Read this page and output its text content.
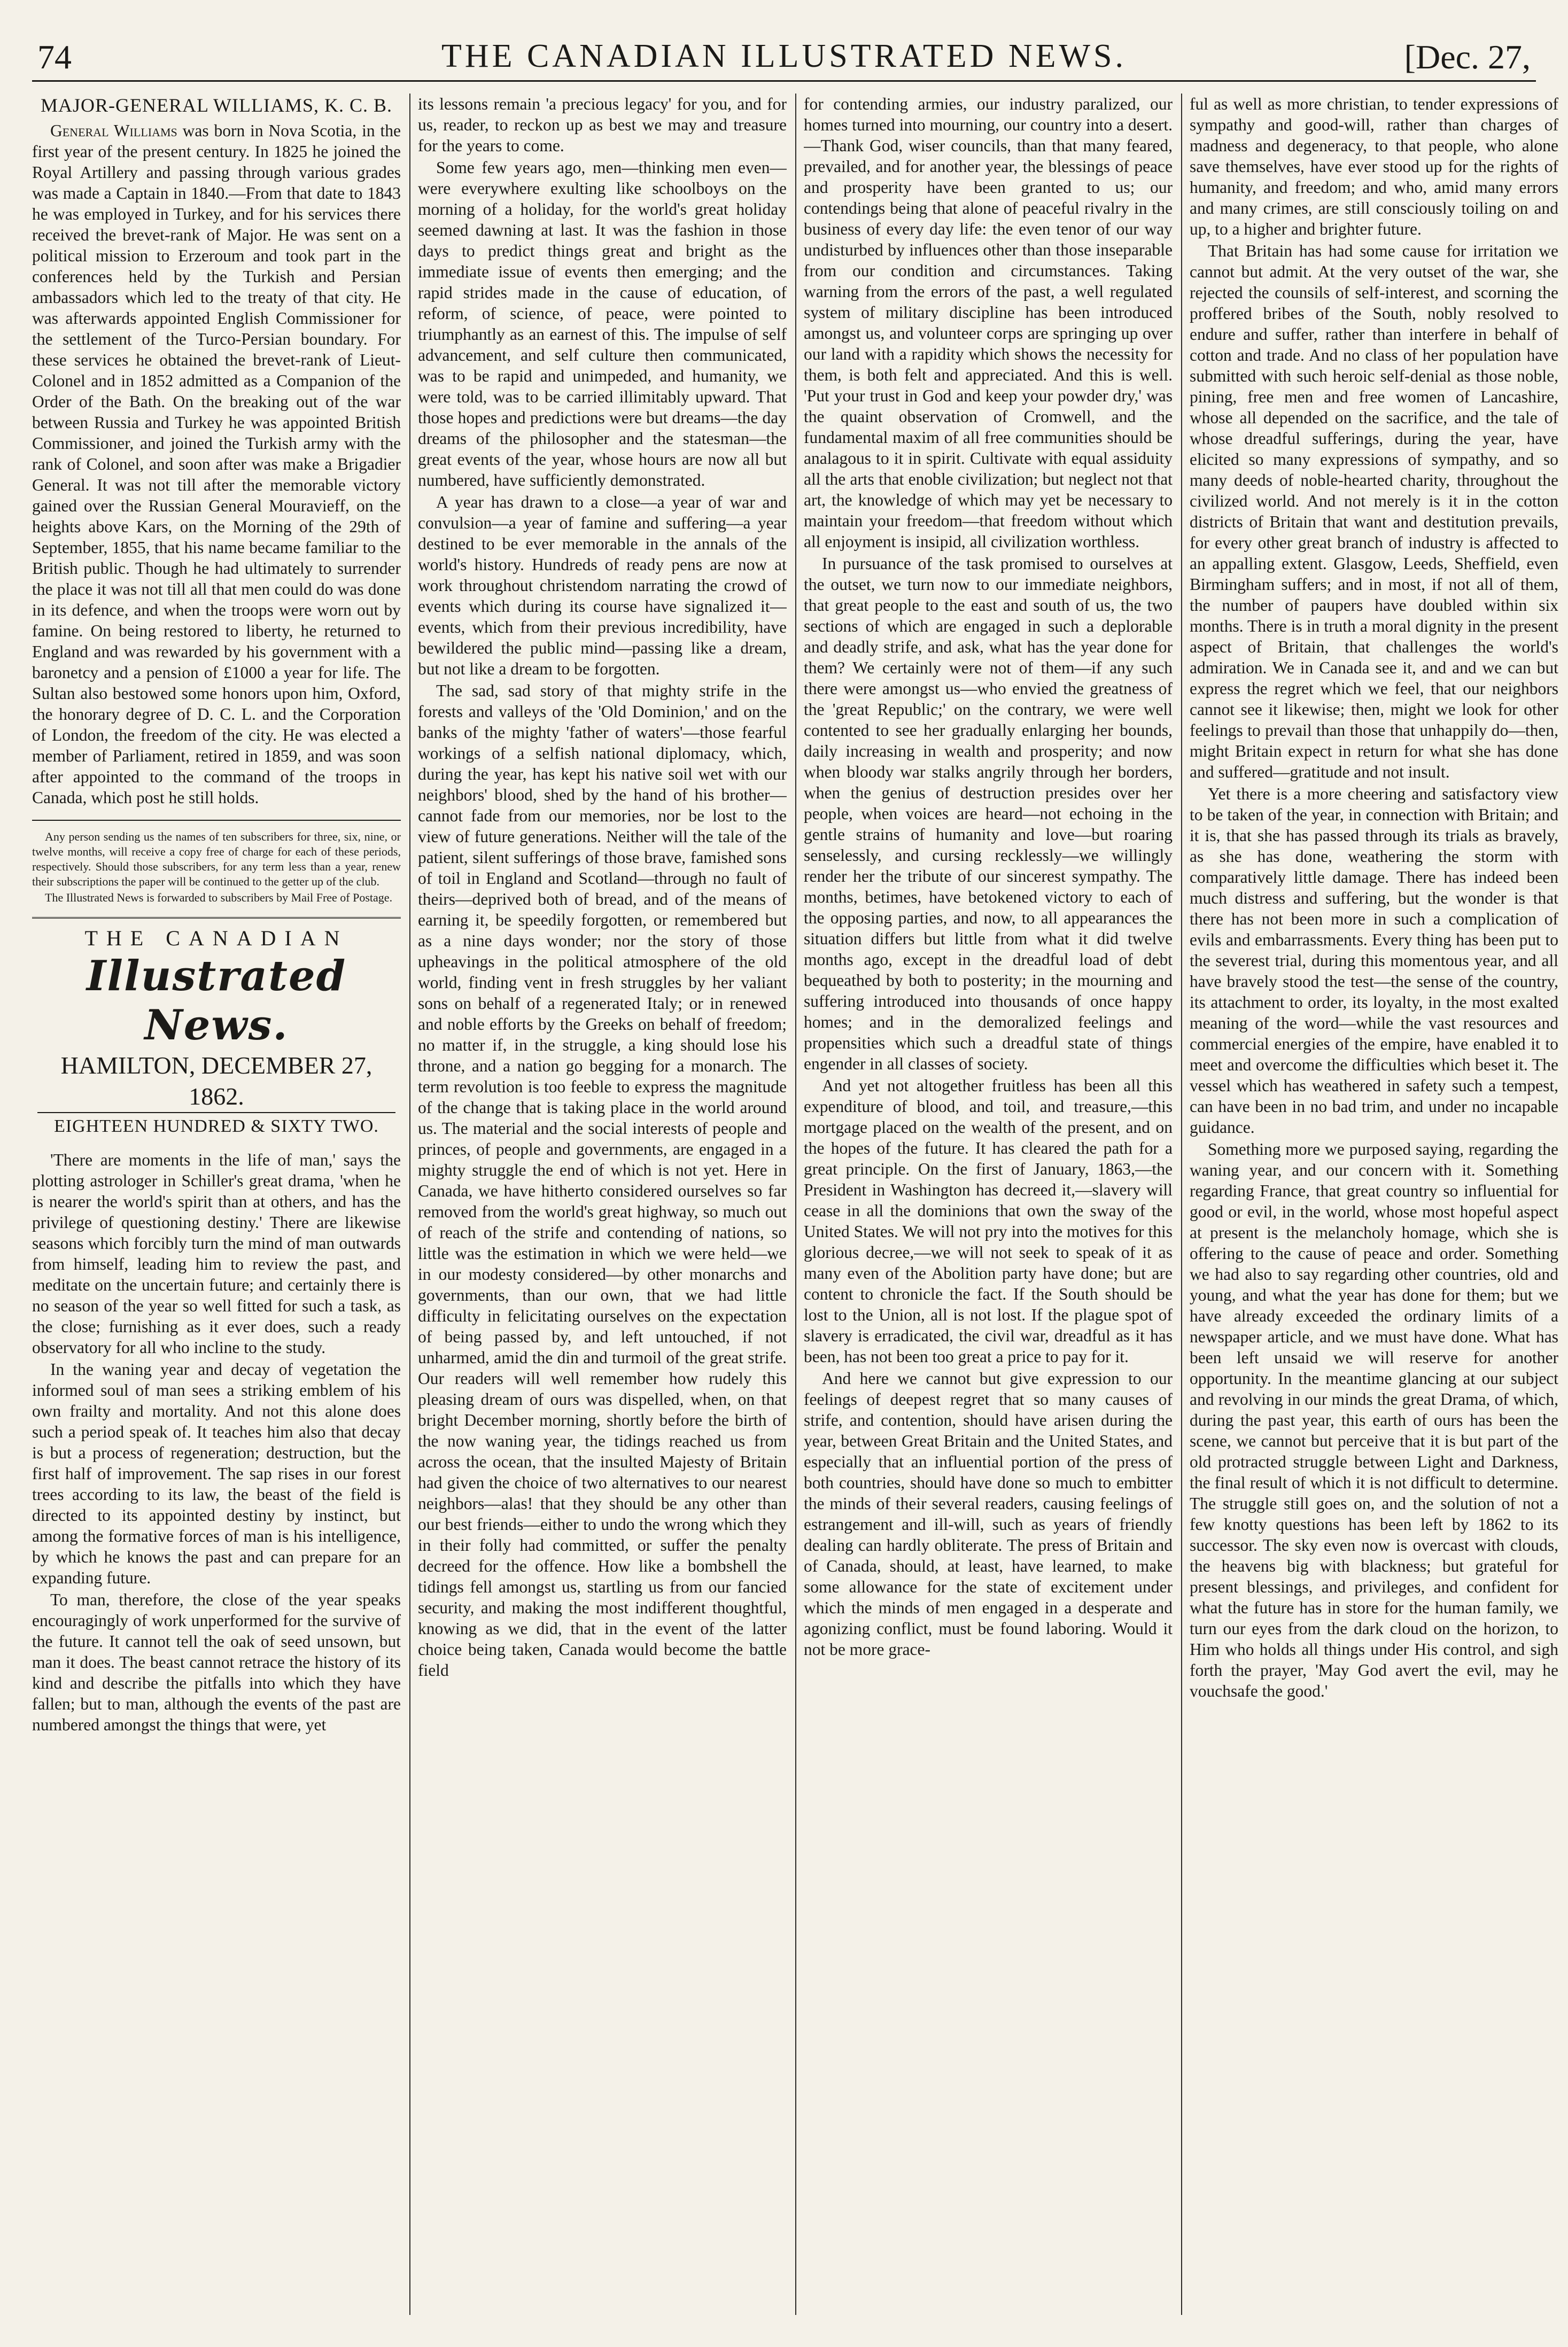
74	THE CANADIAN ILLUSTRATED NEWS.	[Dec. 27,
MAJOR-GENERAL WILLIAMS, K. C. B.

General Williams was born in Nova Scotia, in the first year of the present century. In 1825 he joined the Royal Artillery and passing through various grades was made a Captain in 1840.—From that date to 1843 he was employed in Turkey, and for his services there received the brevet-rank of Major. He was sent on a political mission to Erzeroum and took part in the conferences held by the Turkish and Persian ambassadors which led to the treaty of that city. He was afterwards appointed English Commissioner for the settlement of the Turco-Persian boundary. For these services he obtained the brevet-rank of Lieut-Colonel and in 1852 admitted as a Companion of the Order of the Bath. On the breaking out of the war between Russia and Turkey he was appointed British Commissioner, and joined the Turkish army with the rank of Colonel, and soon after was make a Brigadier General. It was not till after the memorable victory gained over the Russian General Mouravieff, on the heights above Kars, on the Morning of the 29th of September, 1855, that his name became familiar to the British public. Though he had ultimately to surrender the place it was not till all that men could do was done in its defence, and when the troops were worn out by famine. On being restored to liberty, he returned to England and was rewarded by his government with a baronetcy and a pension of £1000 a year for life. The Sultan also bestowed some honors upon him, Oxford, the honorary degree of D. C. L. and the Corporation of London, the freedom of the city. He was elected a member of Parliament, retired in 1859, and was soon after appointed to the command of the troops in Canada, which post he still holds.

Any person sending us the names of ten subscribers for three, six, nine, or twelve months, will receive a copy free of charge for each of these periods, respectively. Should those subscribers, for any term less than a year, renew their subscriptions the paper will be continued to the getter up of the club.

The Illustrated News is forwarded to subscribers by Mail Free of Postage.

THE CANADIAN
Illustrated News.
HAMILTON, DECEMBER 27, 1862.
EIGHTEEN HUNDRED & SIXTY TWO.

'There are moments in the life of man,' says the plotting astrologer in Schiller's great drama, 'when he is nearer the world's spirit than at others, and has the privilege of questioning destiny.' There are likewise seasons which forcibly turn the mind of man outwards from himself, leading him to review the past, and meditate on the uncertain future; and certainly there is no season of the year so well fitted for such a task, as the close; furnishing as it ever does, such a ready observatory for all who incline to the study.

In the waning year and decay of vegetation the informed soul of man sees a striking emblem of his own frailty and mortality. And not this alone does such a period speak of. It teaches him also that decay is but a process of regeneration; destruction, but the first half of improvement. The sap rises in our forest trees according to its law, the beast of the field is directed to its appointed destiny by instinct, but among the formative forces of man is his intelligence, by which he knows the past and can prepare for an expanding future.

To man, therefore, the close of the year speaks encouragingly of work unperformed for the survive of the future. It cannot tell the oak of seed unsown, but man it does. The beast cannot retrace the history of its kind and describe the pitfalls into which they have fallen; but to man, although the events of the past are numbered amongst the things that were, yet

its lessons remain 'a precious legacy' for you, and for us, reader, to reckon up as best we may and treasure for the years to come.

Some few years ago, men—thinking men even—were everywhere exulting like schoolboys on the morning of a holiday, for the world's great holiday seemed dawning at last. It was the fashion in those days to predict things great and bright as the immediate issue of events then emerging; and the rapid strides made in the cause of education, of reform, of science, of peace, were pointed to triumphantly as an earnest of this. The impulse of self advancement, and self culture then communicated, was to be rapid and unimpeded, and humanity, we were told, was to be carried illimitably upward. That those hopes and predictions were but dreams—the day dreams of the philosopher and the statesman—the great events of the year, whose hours are now all but numbered, have sufficiently demonstrated.

A year has drawn to a close—a year of war and convulsion—a year of famine and suffering—a year destined to be ever memorable in the annals of the world's history. Hundreds of ready pens are now at work throughout christendom narrating the crowd of events which during its course have signalized it—events, which from their previous incredibility, have bewildered the public mind—passing like a dream, but not like a dream to be forgotten.

The sad, sad story of that mighty strife in the forests and valleys of the 'Old Dominion,' and on the banks of the mighty 'father of waters'—those fearful workings of a selfish national diplomacy, which, during the year, has kept his native soil wet with our neighbors' blood, shed by the hand of his brother—cannot fade from our memories, nor be lost to the view of future generations. Neither will the tale of the patient, silent sufferings of those brave, famished sons of toil in England and Scotland—through no fault of theirs—deprived both of bread, and of the means of earning it, be speedily forgotten, or remembered but as a nine days wonder; nor the story of those upheavings in the political atmosphere of the old world, finding vent in fresh struggles by her valiant sons on behalf of a regenerated Italy; or in renewed and noble efforts by the Greeks on behalf of freedom; no matter if, in the struggle, a king should lose his throne, and a nation go begging for a monarch. The term revolution is too feeble to express the magnitude of the change that is taking place in the world around us. The material and the social interests of people and princes, of people and governments, are engaged in a mighty struggle the end of which is not yet. Here in Canada, we have hitherto considered ourselves so far removed from the world's great highway, so much out of reach of the strife and contending of nations, so little was the estimation in which we were held—we in our modesty considered—by other monarchs and governments, than our own, that we had little difficulty in felicitating ourselves on the expectation of being passed by, and left untouched, if not unharmed, amid the din and turmoil of the great strife. Our readers will well remember how rudely this pleasing dream of ours was dispelled, when, on that bright December morning, shortly before the birth of the now waning year, the tidings reached us from across the ocean, that the insulted Majesty of Britain had given the choice of two alternatives to our nearest neighbors—alas! that they should be any other than our best friends—either to undo the wrong which they in their folly had committed, or suffer the penalty decreed for the offence. How like a bombshell the tidings fell amongst us, startling us from our fancied security, and making the most indifferent thoughtful, knowing as we did, that in the event of the latter choice being taken, Canada would become the battle field

for contending armies, our industry paralized, our homes turned into mourning, our country into a desert.—Thank God, wiser councils, than that many feared, prevailed, and for another year, the blessings of peace and prosperity have been granted to us; our contendings being that alone of peaceful rivalry in the business of every day life: the even tenor of our way undisturbed by influences other than those inseparable from our condition and circumstances. Taking warning from the errors of the past, a well regulated system of military discipline has been introduced amongst us, and volunteer corps are springing up over our land with a rapidity which shows the necessity for them, is both felt and appreciated. And this is well. 'Put your trust in God and keep your powder dry,' was the quaint observation of Cromwell, and the fundamental maxim of all free communities should be analagous to it in spirit. Cultivate with equal assiduity all the arts that enoble civilization; but neglect not that art, the knowledge of which may yet be necessary to maintain your freedom—that freedom without which all enjoyment is insipid, all civilization worthless.

In pursuance of the task promised to ourselves at the outset, we turn now to our immediate neighbors, that great people to the east and south of us, the two sections of which are engaged in such a deplorable and deadly strife, and ask, what has the year done for them? We certainly were not of them—if any such there were amongst us—who envied the greatness of the 'great Republic;' on the contrary, we were well contented to see her gradually enlarging her bounds, daily increasing in wealth and prosperity; and now when bloody war stalks angrily through her borders, when the genius of destruction presides over her people, when voices are heard—not echoing in the gentle strains of humanity and love—but roaring senselessly, and cursing recklessly—we willingly render her the tribute of our sincerest sympathy. The months, betimes, have betokened victory to each of the opposing parties, and now, to all appearances the situation differs but little from what it did twelve months ago, except in the dreadful load of debt bequeathed by both to posterity; in the mourning and suffering introduced into thousands of once happy homes; and in the demoralized feelings and propensities which such a dreadful state of things engender in all classes of society.

And yet not altogether fruitless has been all this expenditure of blood, and toil, and treasure,—this mortgage placed on the wealth of the present, and on the hopes of the future. It has cleared the path for a great principle. On the first of January, 1863,—the President in Washington has decreed it,—slavery will cease in all the dominions that own the sway of the United States. We will not pry into the motives for this glorious decree,—we will not seek to speak of it as many even of the Abolition party have done; but are content to chronicle the fact. If the South should be lost to the Union, all is not lost. If the plague spot of slavery is erradicated, the civil war, dreadful as it has been, has not been too great a price to pay for it.

And here we cannot but give expression to our feelings of deepest regret that so many causes of strife, and contention, should have arisen during the year, between Great Britain and the United States, and especially that an influential portion of the press of both countries, should have done so much to embitter the minds of their several readers, causing feelings of estrangement and ill-will, such as years of friendly dealing can hardly obliterate. The press of Britain and of Canada, should, at least, have learned, to make some allowance for the state of excitement under which the minds of men engaged in a desperate and agonizing conflict, must be found laboring. Would it not be more grace-

ful as well as more christian, to tender expressions of sympathy and good-will, rather than charges of madness and degeneracy, to that people, who alone save themselves, have ever stood up for the rights of humanity, and freedom; and who, amid many errors and many crimes, are still consciously toiling on and up, to a higher and brighter future.

That Britain has had some cause for irritation we cannot but admit. At the very outset of the war, she rejected the counsils of self-interest, and scorning the proffered bribes of the South, nobly resolved to endure and suffer, rather than interfere in behalf of cotton and trade. And no class of her population have submitted with such heroic self-denial as those noble, pining, free men and free women of Lancashire, whose all depended on the sacrifice, and the tale of whose dreadful sufferings, during the year, have elicited so many expressions of sympathy, and so many deeds of noble-hearted charity, throughout the civilized world. And not merely is it in the cotton districts of Britain that want and destitution prevails, for every other great branch of industry is affected to an appalling extent. Glasgow, Leeds, Sheffield, even Birmingham suffers; and in most, if not all of them, the number of paupers have doubled within six months. There is in truth a moral dignity in the present aspect of Britain, that challenges the world's admiration. We in Canada see it, and and we can but express the regret which we feel, that our neighbors cannot see it likewise; then, might we look for other feelings to prevail than those that unhappily do—then, might Britain expect in return for what she has done and suffered—gratitude and not insult.

Yet there is a more cheering and satisfactory view to be taken of the year, in connection with Britain; and it is, that she has passed through its trials as bravely, as she has done, weathering the storm with comparatively little damage. There has indeed been much distress and suffering, but the wonder is that there has not been more in such a complication of evils and embarrassments. Every thing has been put to the severest trial, during this momentous year, and all have bravely stood the test—the sense of the country, its attachment to order, its loyalty, in the most exalted meaning of the word—while the vast resources and commercial energies of the empire, have enabled it to meet and overcome the difficulties which beset it. The vessel which has weathered in safety such a tempest, can have been in no bad trim, and under no incapable guidance.

Something more we purposed saying, regarding the waning year, and our concern with it. Something regarding France, that great country so influential for good or evil, in the world, whose most hopeful aspect at present is the melancholy homage, which she is offering to the cause of peace and order. Something we had also to say regarding other countries, old and young, and what the year has done for them; but we have already exceeded the ordinary limits of a newspaper article, and we must have done. What has been left unsaid we will reserve for another opportunity. In the meantime glancing at our subject and revolving in our minds the great Drama, of which, during the past year, this earth of ours has been the scene, we cannot but perceive that it is but part of the old protracted struggle between Light and Darkness, the final result of which it is not difficult to determine. The struggle still goes on, and the solution of not a few knotty questions has been left by 1862 to its successor. The sky even now is overcast with clouds, the heavens big with blackness; but grateful for present blessings, and privileges, and confident for what the future has in store for the human family, we turn our eyes from the dark cloud on the horizon, to Him who holds all things under His control, and sigh forth the prayer, 'May God avert the evil, may he vouchsafe the good.'
